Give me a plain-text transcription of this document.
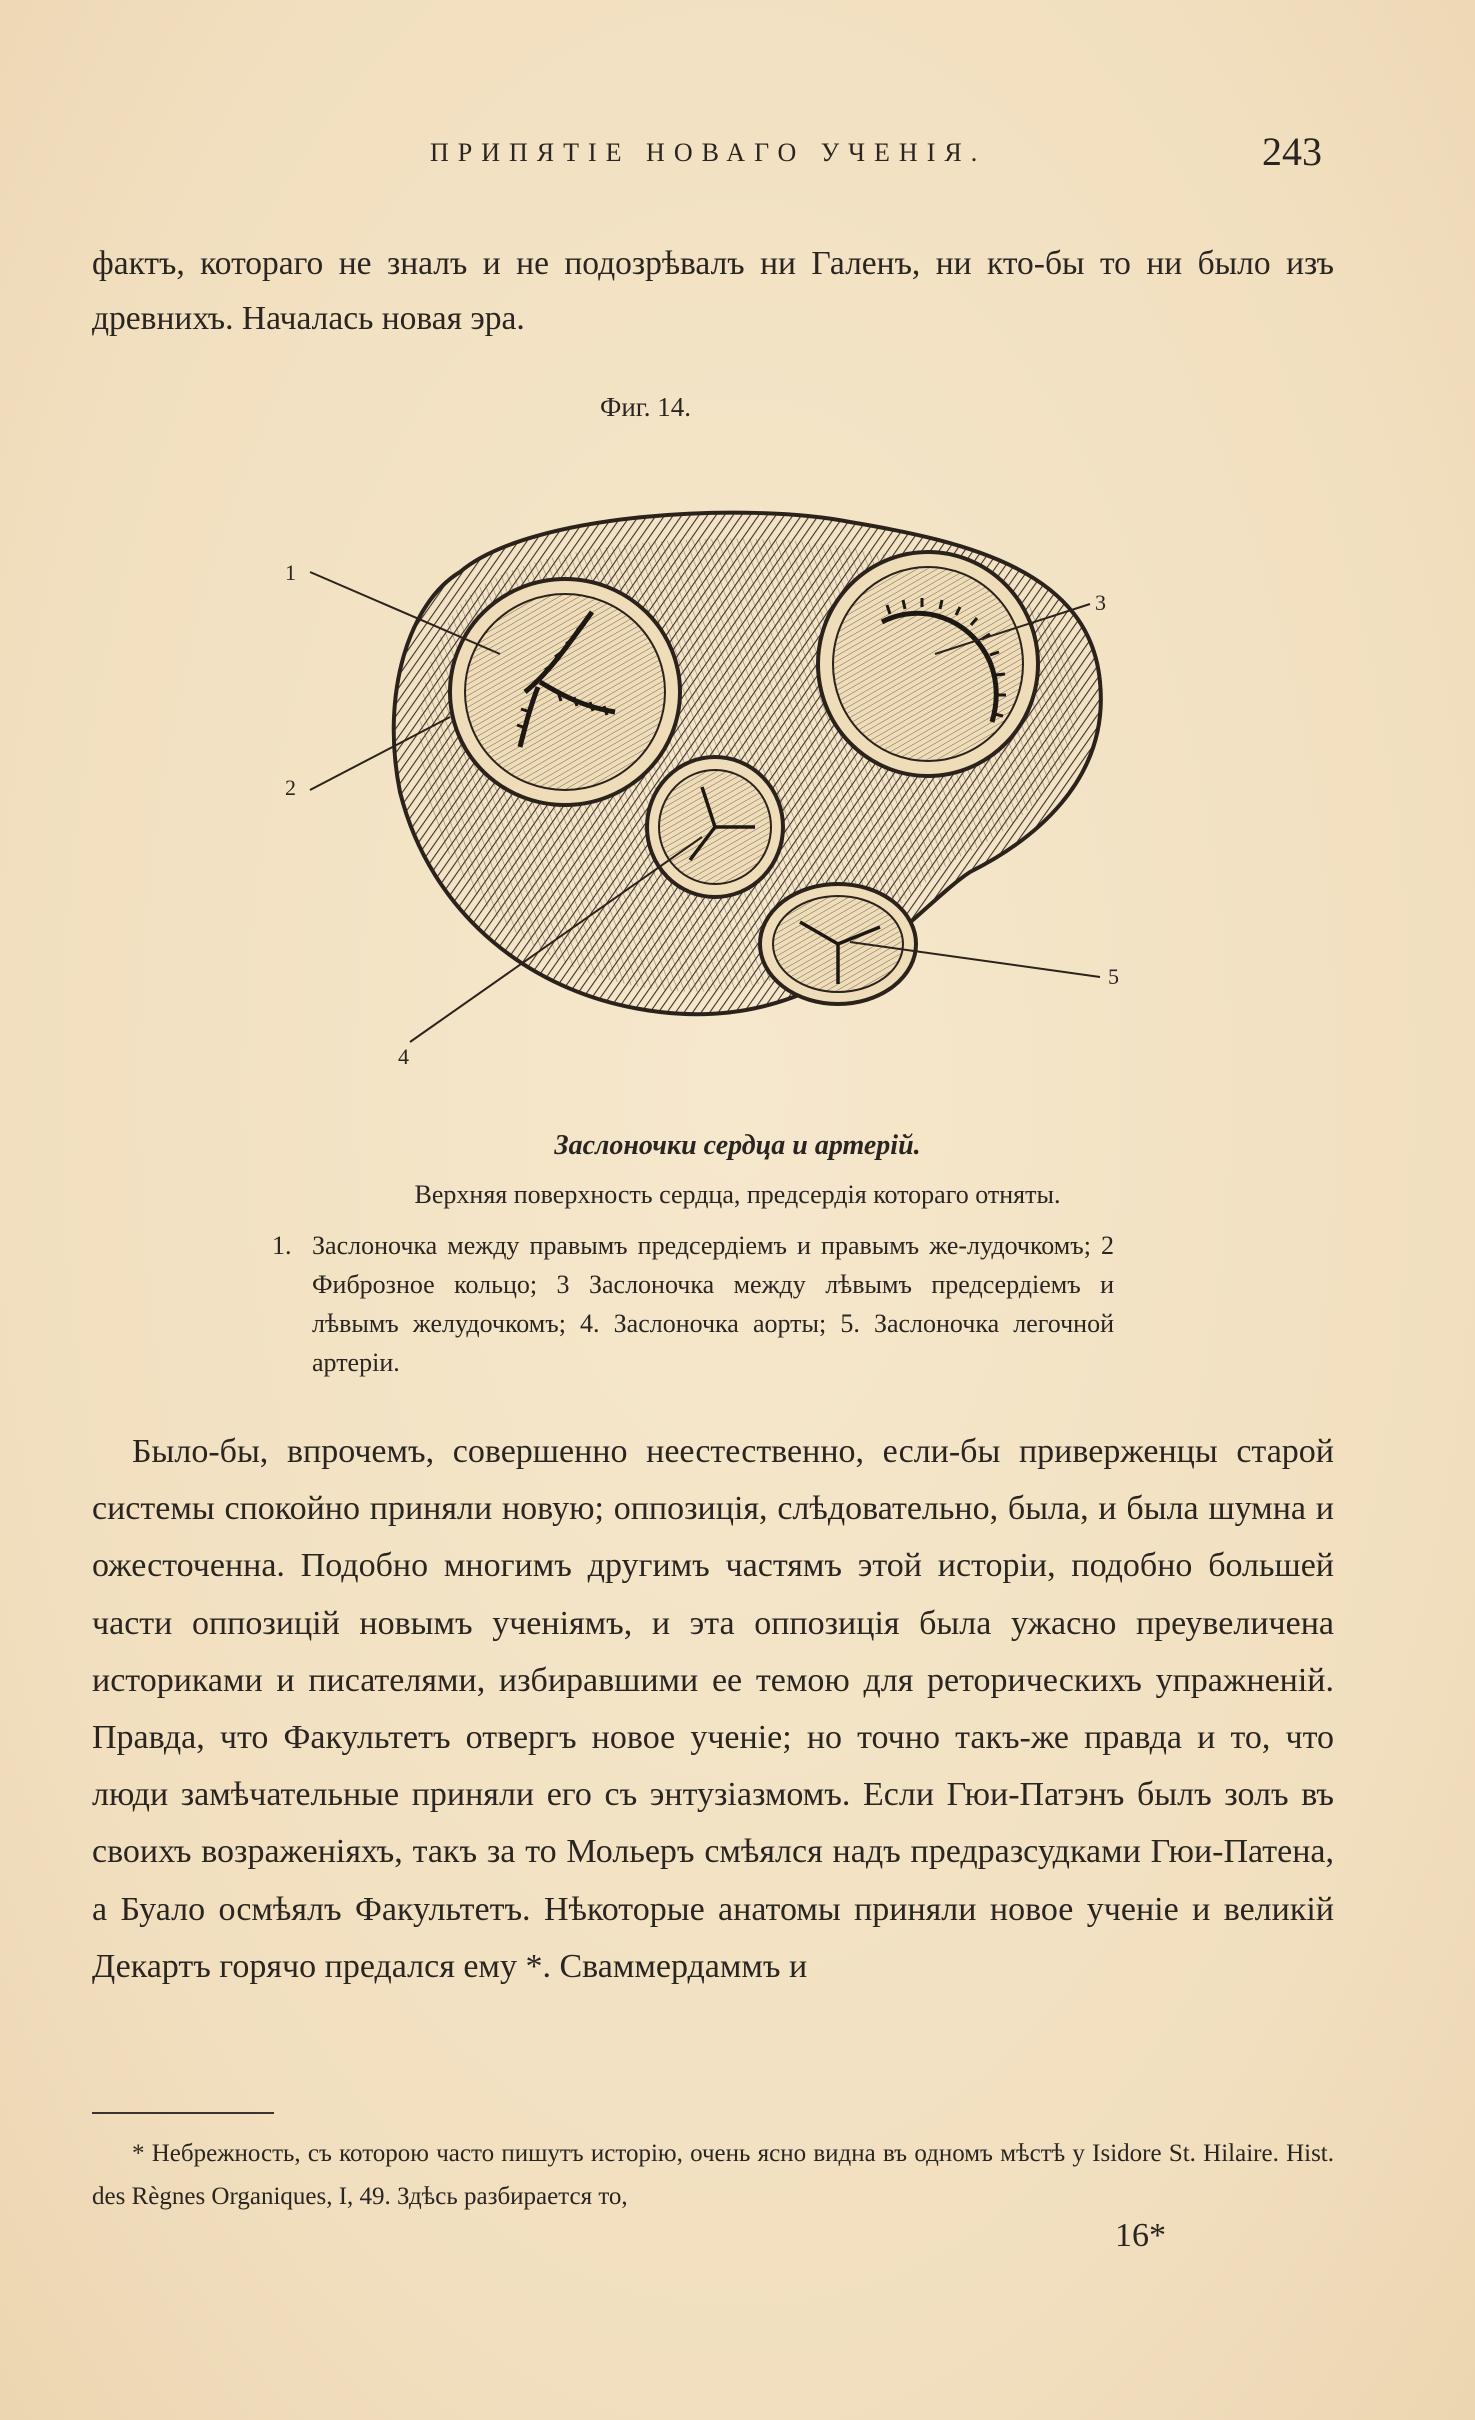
ПРИПЯТІЕ НОВАГО УЧЕНІЯ.	243
фактъ, котораго не зналъ и не подозрѣвалъ ни Галенъ, ни кто-бы то ни было изъ древнихъ. Началась новая эра.
Фиг. 14.
1
2
3
4
5
Заслоночки сердца и артерій.
Верхняя поверхность сердца, предсердія котораго отняты.
1. Заслоночка между правымъ предсердіемъ и правымъ же-лудочкомъ; 2 Фиброзное кольцо; 3 Заслоночка между лѣвымъ предсердіемъ и лѣвымъ желудочкомъ; 4. Заслоночка аорты; 5. Заслоночка легочной артеріи.

Было-бы, впрочемъ, совершенно неестественно, если-бы приверженцы старой системы спокойно приняли новую; оппозиція, слѣдовательно, была, и была шумна и ожесточенна. Подобно многимъ другимъ частямъ этой исторіи, подобно большей части оппозицій новымъ ученіямъ, и эта оппозиція была ужасно преувеличена историками и писателями, избиравшими ее темою для реторическихъ упражненій. Правда, что Факультетъ отвергъ новое ученіе; но точно такъ-же правда и то, что люди замѣчательные приняли его съ энтузіазмомъ. Если Гюи-Патэнъ былъ золъ въ своихъ возраженіяхъ, такъ за то Мольеръ смѣялся надъ предразсудками Гюи-Патена, а Буало осмѣялъ Факультетъ. Нѣкоторые анатомы приняли новое ученіе и великій Декартъ горячо предался ему *. Сваммердаммъ и

* Небрежность, съ которою часто пишутъ исторію, очень ясно видна въ одномъ мѣстѣ у Isidore St. Hilaire. Hist. des Règnes Organiques, I, 49. Здѣсь разбирается то,

16*
